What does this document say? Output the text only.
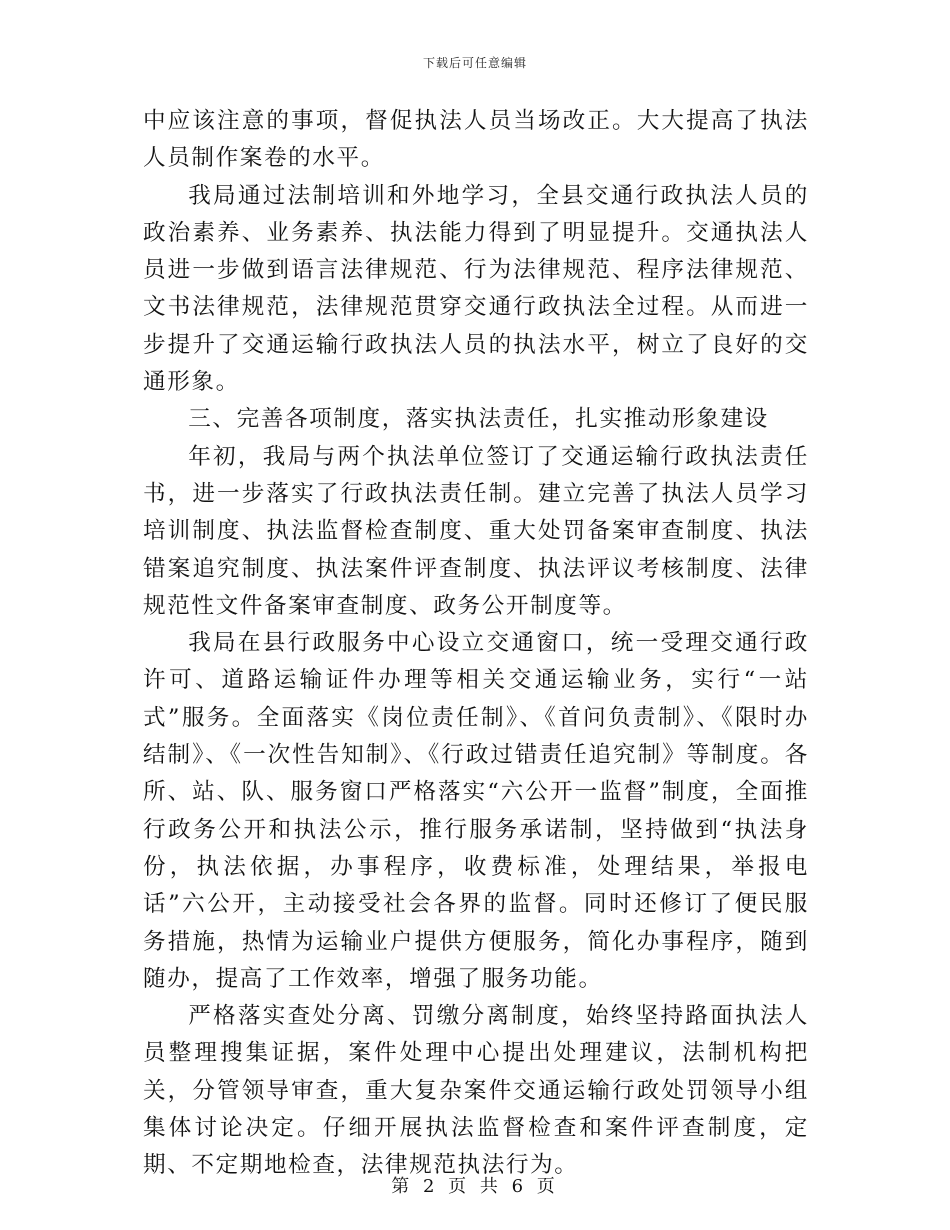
下载后可任意编辑

中应该注意的事项，督促执法人员当场改正。大大提高了执法人员制作案卷的水平。

我局通过法制培训和外地学习，全县交通行政执法人员的政治素养、业务素养、执法能力得到了明显提升。交通执法人员进一步做到语言法律规范、行为法律规范、程序法律规范、文书法律规范，法律规范贯穿交通行政执法全过程。从而进一步提升了交通运输行政执法人员的执法水平，树立了良好的交通形象。

三、完善各项制度，落实执法责任，扎实推动形象建设

年初，我局与两个执法单位签订了交通运输行政执法责任书，进一步落实了行政执法责任制。建立完善了执法人员学习培训制度、执法监督检查制度、重大处罚备案审查制度、执法错案追究制度、执法案件评查制度、执法评议考核制度、法律规范性文件备案审查制度、政务公开制度等。

我局在县行政服务中心设立交通窗口，统一受理交通行政许可、道路运输证件办理等相关交通运输业务，实行“一站式”服务。全面落实《岗位责任制》、《首问负责制》、《限时办结制》、《一次性告知制》、《行政过错责任追究制》等制度。各所、站、队、服务窗口严格落实“六公开一监督”制度，全面推行政务公开和执法公示，推行服务承诺制，坚持做到“执法身份，执法依据，办事程序，收费标准，处理结果，举报电话”六公开，主动接受社会各界的监督。同时还修订了便民服务措施，热情为运输业户提供方便服务，简化办事程序，随到随办，提高了工作效率，增强了服务功能。

严格落实查处分离、罚缴分离制度，始终坚持路面执法人员整理搜集证据，案件处理中心提出处理建议，法制机构把关，分管领导审查，重大复杂案件交通运输行政处罚领导小组集体讨论决定。仔细开展执法监督检查和案件评查制度，定期、不定期地检查，法律规范执法行为。

第 2 页 共 6 页
